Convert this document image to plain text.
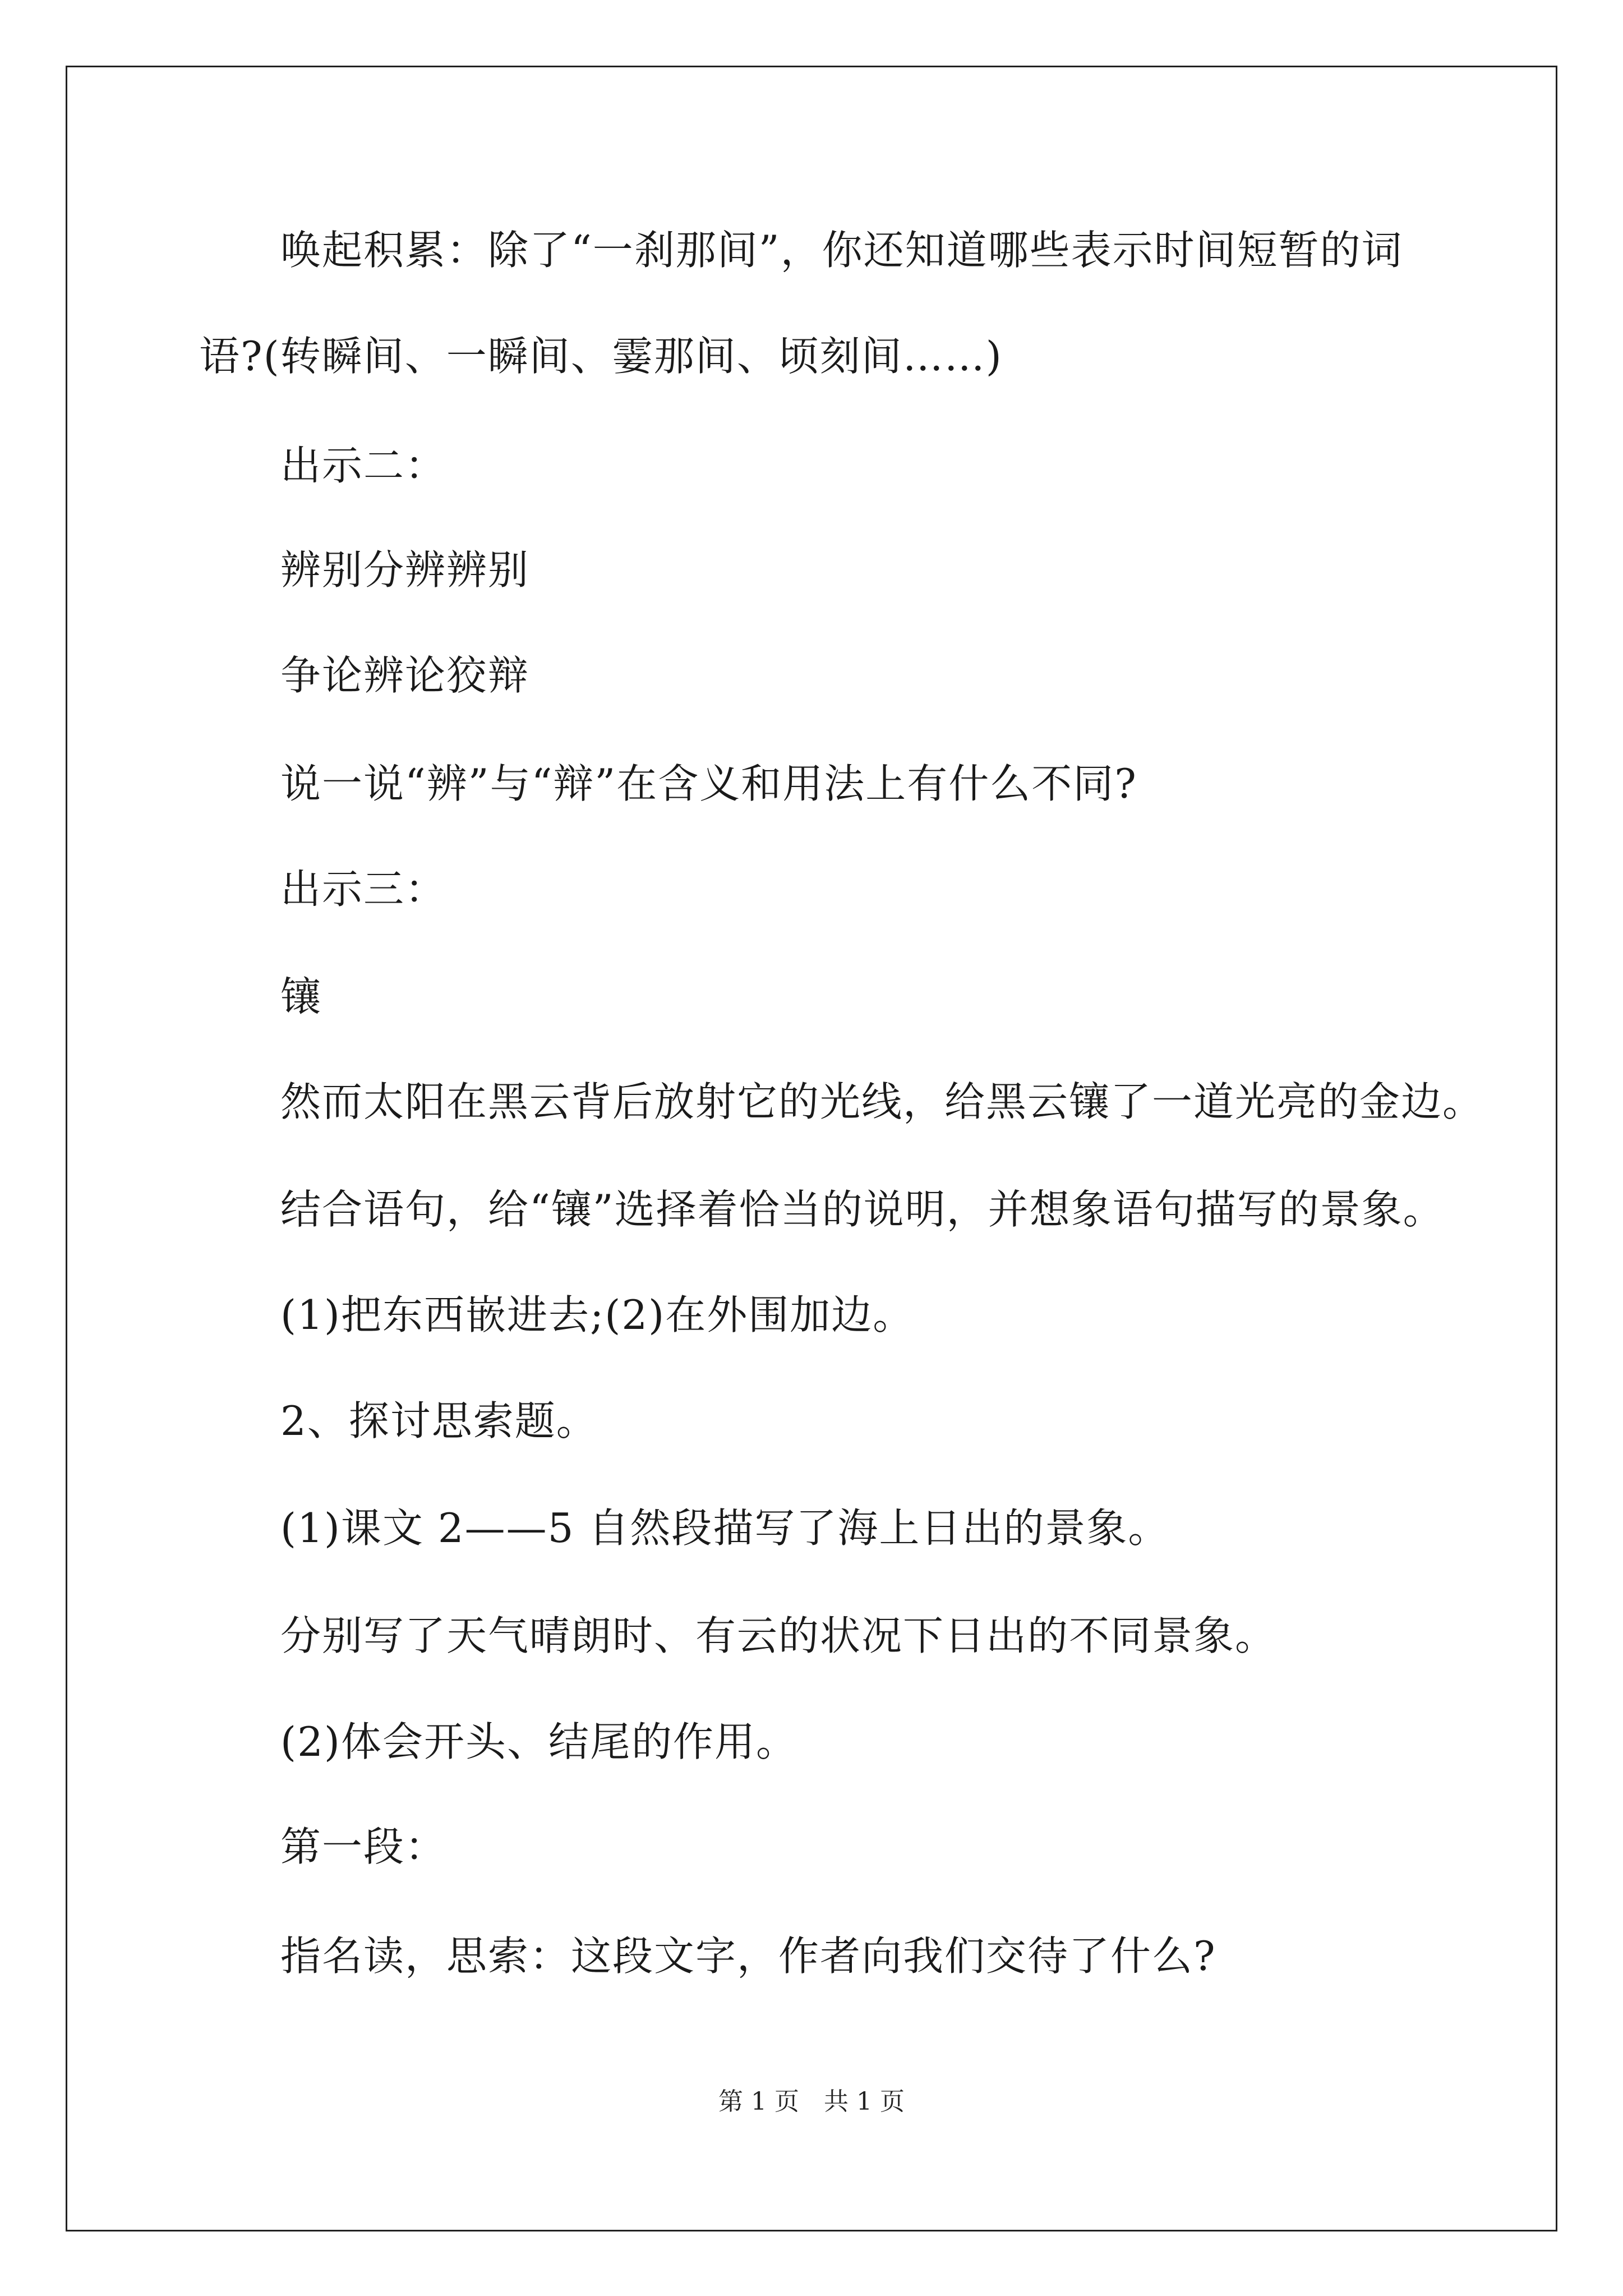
唤起积累：除了“一刹那间”，你还知道哪些表示时间短暂的词
语?(转瞬间、一瞬间、霎那间、顷刻间……)
出示二：
辨别分辨辨别
争论辨论狡辩
说一说“辨”与“辩”在含义和用法上有什么不同?
出示三：
镶
然而太阳在黑云背后放射它的光线，给黑云镶了一道光亮的金边。
结合语句，给“镶”选择着恰当的说明，并想象语句描写的景象。
(1)把东西嵌进去;(2)在外围加边。
2、探讨思索题。
(1)课文 2——5 自然段描写了海上日出的景象。
分别写了天气晴朗时、有云的状况下日出的不同景象。
(2)体会开头、结尾的作用。
第一段：
指名读，思索：这段文字，作者向我们交待了什么?
第 1 页　共 1 页
